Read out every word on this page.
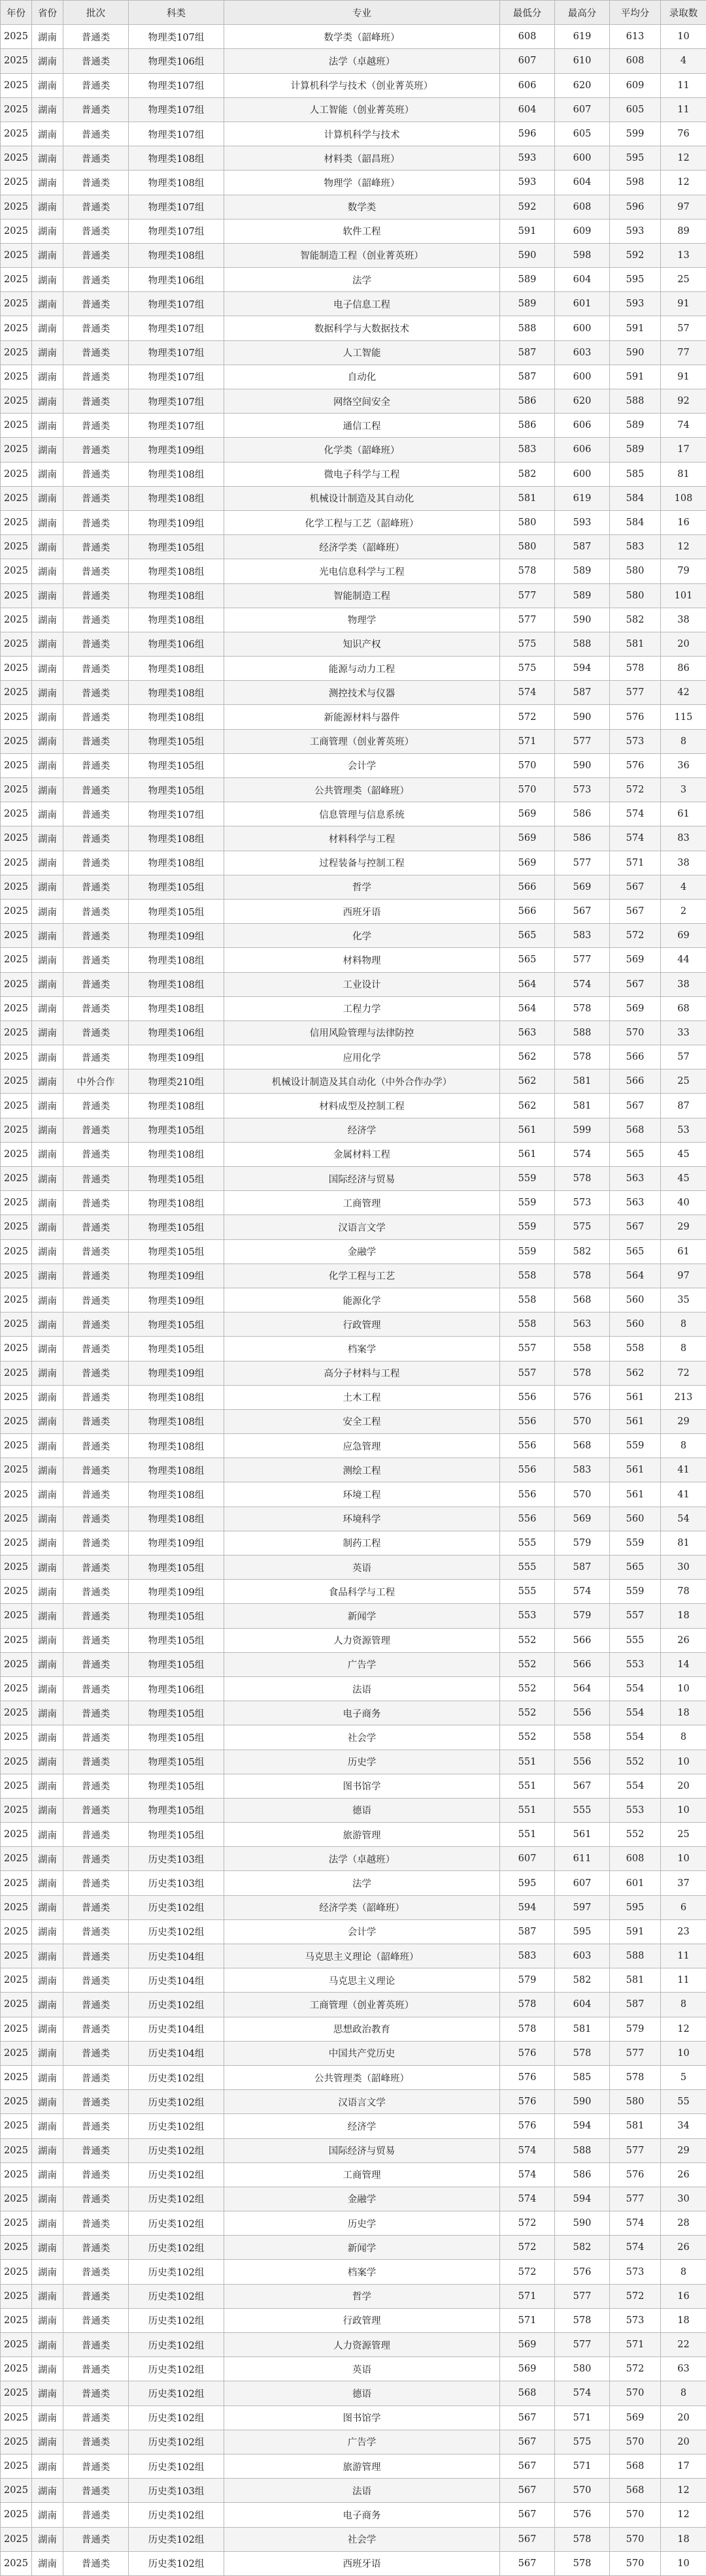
年份	省份	批次	科类	专业	最低分	最高分	平均分	录取数
2025	湖南	普通类	物理类107组	数学类（韶峰班）	608	619	613	10
2025	湖南	普通类	物理类106组	法学（卓越班）	607	610	608	4
2025	湖南	普通类	物理类107组	计算机科学与技术（创业菁英班）	606	620	609	11
2025	湖南	普通类	物理类107组	人工智能（创业菁英班）	604	607	605	11
2025	湖南	普通类	物理类107组	计算机科学与技术	596	605	599	76
2025	湖南	普通类	物理类108组	材料类（韶昌班）	593	600	595	12
2025	湖南	普通类	物理类108组	物理学（韶峰班）	593	604	598	12
2025	湖南	普通类	物理类107组	数学类	592	608	596	97
2025	湖南	普通类	物理类107组	软件工程	591	609	593	89
2025	湖南	普通类	物理类108组	智能制造工程（创业菁英班）	590	598	592	13
2025	湖南	普通类	物理类106组	法学	589	604	595	25
2025	湖南	普通类	物理类107组	电子信息工程	589	601	593	91
2025	湖南	普通类	物理类107组	数据科学与大数据技术	588	600	591	57
2025	湖南	普通类	物理类107组	人工智能	587	603	590	77
2025	湖南	普通类	物理类107组	自动化	587	600	591	91
2025	湖南	普通类	物理类107组	网络空间安全	586	620	588	92
2025	湖南	普通类	物理类107组	通信工程	586	606	589	74
2025	湖南	普通类	物理类109组	化学类（韶峰班）	583	606	589	17
2025	湖南	普通类	物理类108组	微电子科学与工程	582	600	585	81
2025	湖南	普通类	物理类108组	机械设计制造及其自动化	581	619	584	108
2025	湖南	普通类	物理类109组	化学工程与工艺（韶峰班）	580	593	584	16
2025	湖南	普通类	物理类105组	经济学类（韶峰班）	580	587	583	12
2025	湖南	普通类	物理类108组	光电信息科学与工程	578	589	580	79
2025	湖南	普通类	物理类108组	智能制造工程	577	589	580	101
2025	湖南	普通类	物理类108组	物理学	577	590	582	38
2025	湖南	普通类	物理类106组	知识产权	575	588	581	20
2025	湖南	普通类	物理类108组	能源与动力工程	575	594	578	86
2025	湖南	普通类	物理类108组	测控技术与仪器	574	587	577	42
2025	湖南	普通类	物理类108组	新能源材料与器件	572	590	576	115
2025	湖南	普通类	物理类105组	工商管理（创业菁英班）	571	577	573	8
2025	湖南	普通类	物理类105组	会计学	570	590	576	36
2025	湖南	普通类	物理类105组	公共管理类（韶峰班）	570	573	572	3
2025	湖南	普通类	物理类107组	信息管理与信息系统	569	586	574	61
2025	湖南	普通类	物理类108组	材料科学与工程	569	586	574	83
2025	湖南	普通类	物理类108组	过程装备与控制工程	569	577	571	38
2025	湖南	普通类	物理类105组	哲学	566	569	567	4
2025	湖南	普通类	物理类105组	西班牙语	566	567	567	2
2025	湖南	普通类	物理类109组	化学	565	583	572	69
2025	湖南	普通类	物理类108组	材料物理	565	577	569	44
2025	湖南	普通类	物理类108组	工业设计	564	574	567	38
2025	湖南	普通类	物理类108组	工程力学	564	578	569	68
2025	湖南	普通类	物理类106组	信用风险管理与法律防控	563	588	570	33
2025	湖南	普通类	物理类109组	应用化学	562	578	566	57
2025	湖南	中外合作	物理类210组	机械设计制造及其自动化（中外合作办学）	562	581	566	25
2025	湖南	普通类	物理类108组	材料成型及控制工程	562	581	567	87
2025	湖南	普通类	物理类105组	经济学	561	599	568	53
2025	湖南	普通类	物理类108组	金属材料工程	561	574	565	45
2025	湖南	普通类	物理类105组	国际经济与贸易	559	578	563	45
2025	湖南	普通类	物理类108组	工商管理	559	573	563	40
2025	湖南	普通类	物理类105组	汉语言文学	559	575	567	29
2025	湖南	普通类	物理类105组	金融学	559	582	565	61
2025	湖南	普通类	物理类109组	化学工程与工艺	558	578	564	97
2025	湖南	普通类	物理类109组	能源化学	558	568	560	35
2025	湖南	普通类	物理类105组	行政管理	558	563	560	8
2025	湖南	普通类	物理类105组	档案学	557	558	558	8
2025	湖南	普通类	物理类109组	高分子材料与工程	557	578	562	72
2025	湖南	普通类	物理类108组	土木工程	556	576	561	213
2025	湖南	普通类	物理类108组	安全工程	556	570	561	29
2025	湖南	普通类	物理类108组	应急管理	556	568	559	8
2025	湖南	普通类	物理类108组	测绘工程	556	583	561	41
2025	湖南	普通类	物理类108组	环境工程	556	570	561	41
2025	湖南	普通类	物理类108组	环境科学	556	569	560	54
2025	湖南	普通类	物理类109组	制药工程	555	579	559	81
2025	湖南	普通类	物理类105组	英语	555	587	565	30
2025	湖南	普通类	物理类109组	食品科学与工程	555	574	559	78
2025	湖南	普通类	物理类105组	新闻学	553	579	557	18
2025	湖南	普通类	物理类105组	人力资源管理	552	566	555	26
2025	湖南	普通类	物理类105组	广告学	552	566	553	14
2025	湖南	普通类	物理类106组	法语	552	564	554	10
2025	湖南	普通类	物理类105组	电子商务	552	556	554	18
2025	湖南	普通类	物理类105组	社会学	552	558	554	8
2025	湖南	普通类	物理类105组	历史学	551	556	552	10
2025	湖南	普通类	物理类105组	图书馆学	551	567	554	20
2025	湖南	普通类	物理类105组	德语	551	555	553	10
2025	湖南	普通类	物理类105组	旅游管理	551	561	552	25
2025	湖南	普通类	历史类103组	法学（卓越班）	607	611	608	10
2025	湖南	普通类	历史类103组	法学	595	607	601	37
2025	湖南	普通类	历史类102组	经济学类（韶峰班）	594	597	595	6
2025	湖南	普通类	历史类102组	会计学	587	595	591	23
2025	湖南	普通类	历史类104组	马克思主义理论（韶峰班）	583	603	588	11
2025	湖南	普通类	历史类104组	马克思主义理论	579	582	581	11
2025	湖南	普通类	历史类102组	工商管理（创业菁英班）	578	604	587	8
2025	湖南	普通类	历史类104组	思想政治教育	578	581	579	12
2025	湖南	普通类	历史类104组	中国共产党历史	576	578	577	10
2025	湖南	普通类	历史类102组	公共管理类（韶峰班）	576	585	578	5
2025	湖南	普通类	历史类102组	汉语言文学	576	590	580	55
2025	湖南	普通类	历史类102组	经济学	576	594	581	34
2025	湖南	普通类	历史类102组	国际经济与贸易	574	588	577	29
2025	湖南	普通类	历史类102组	工商管理	574	586	576	26
2025	湖南	普通类	历史类102组	金融学	574	594	577	30
2025	湖南	普通类	历史类102组	历史学	572	590	574	28
2025	湖南	普通类	历史类102组	新闻学	572	582	574	26
2025	湖南	普通类	历史类102组	档案学	572	576	573	8
2025	湖南	普通类	历史类102组	哲学	571	577	572	16
2025	湖南	普通类	历史类102组	行政管理	571	578	573	18
2025	湖南	普通类	历史类102组	人力资源管理	569	577	571	22
2025	湖南	普通类	历史类102组	英语	569	580	572	63
2025	湖南	普通类	历史类102组	德语	568	574	570	8
2025	湖南	普通类	历史类102组	图书馆学	567	571	569	20
2025	湖南	普通类	历史类102组	广告学	567	575	570	20
2025	湖南	普通类	历史类102组	旅游管理	567	571	568	17
2025	湖南	普通类	历史类103组	法语	567	570	568	12
2025	湖南	普通类	历史类102组	电子商务	567	576	570	12
2025	湖南	普通类	历史类102组	社会学	567	578	570	18
2025	湖南	普通类	历史类102组	西班牙语	567	578	570	10
